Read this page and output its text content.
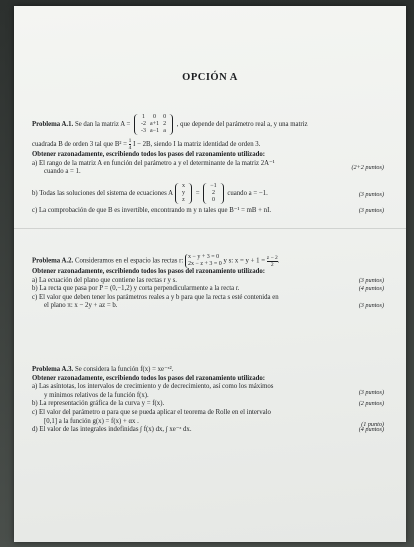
OPCIÓN A
Problema A.1. Se dan la matriz A =
1	0	0
-2	a+1	2
-3	a−1	a
, que depende del parámetro real a, y una matriz
cuadrada B de orden 3 tal que $B^2 = \frac{1}{4}$ I − 2B, siendo I la matriz identidad de orden 3.
Obtener razonadamente, escribiendo todos los pasos del razonamiento utilizado:
a) El rango de la matriz A en función del parámetro a y el determinante de la matriz 2A⁻¹
(2+2 puntos)
cuando a = 1.
b) Todas las soluciones del sistema de ecuaciones A
x
y
z
=
−1
2
0
cuando a = −1.	(3 puntos)
c) La comprobación de que B es invertible, encontrando m y n tales que B⁻¹ = mB + nI.	(3 puntos)
Problema A.2. Consideramos en el espacio las rectas r: x − y + 3 = 0
2x − z + 3 = 0 y s: $x = y + 1 = \frac{z - 2}{2}$.
Obtener razonadamente, escribiendo todos los pasos del razonamiento utilizado:
a) La ecuación del plano que contiene las rectas r y s.	(3 puntos)
b) La recta que pasa por P = (0,−1,2) y corta perpendicularmente a la recta r.	(4 puntos)
c) El valor que deben tener los parámetros reales a y b para que la recta s esté contenida en
(3 puntos)
el plano π: x − 2y + az = b.
Problema A.3. Se considera la función f(x) = xe⁻ˣ².
Obtener razonadamente, escribiendo todos los pasos del razonamiento utilizado:
a) Las asíntotas, los intervalos de crecimiento y de decrecimiento, así como los máximos
(3 puntos)
y mínimos relativos de la función f(x).
b) La representación gráfica de la curva y = f(x).	(2 puntos)
c) El valor del parámetro α para que se pueda aplicar el teorema de Rolle en el intervalo
(1 punto)
[0,1] a la función g(x) = f(x) + αx .
d) El valor de las integrales indefinidas ∫ f(x) dx, ∫ xe⁻ˣ dx.	(4 puntos)
